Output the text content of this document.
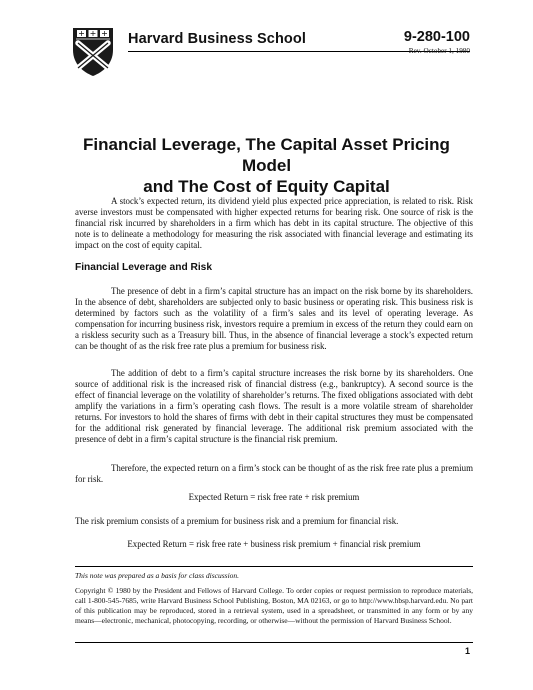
Harvard Business School	9-280-100
Rev. October 1, 1980
Financial Leverage, The Capital Asset Pricing Model
and The Cost of Equity Capital

A stock’s expected return, its dividend yield plus expected price appreciation, is related to risk. Risk averse investors must be compensated with higher expected returns for bearing risk. One source of risk is the financial risk incurred by shareholders in a firm which has debt in its capital structure. The objective of this note is to delineate a methodology for measuring the risk associated with financial leverage and estimating its impact on the cost of equity capital.

Financial Leverage and Risk

The presence of debt in a firm’s capital structure has an impact on the risk borne by its shareholders. In the absence of debt, shareholders are subjected only to basic business or operating risk. This business risk is determined by factors such as the volatility of a firm’s sales and its level of operating leverage. As compensation for incurring business risk, investors require a premium in excess of the return they could earn on a riskless security such as a Treasury bill. Thus, in the absence of financial leverage a stock’s expected return can be thought of as the risk free rate plus a premium for business risk.

The addition of debt to a firm’s capital structure increases the risk borne by its shareholders. One source of additional risk is the increased risk of financial distress (e.g., bankruptcy). A second source is the effect of financial leverage on the volatility of shareholder’s returns. The fixed obligations associated with debt amplify the variations in a firm’s operating cash flows. The result is a more volatile stream of shareholder returns. For investors to hold the shares of firms with debt in their capital structures they must be compensated for the additional risk generated by financial leverage. The additional risk premium associated with the presence of debt in a firm’s capital structure is the financial risk premium.

Therefore, the expected return on a firm’s stock can be thought of as the risk free rate plus a premium for risk.

Expected Return = risk free rate + risk premium

The risk premium consists of a premium for business risk and a premium for financial risk.

Expected Return = risk free rate + business risk premium + financial risk premium

This note was prepared as a basis for class discussion.

Copyright © 1980 by the President and Fellows of Harvard College. To order copies or request permission to reproduce materials, call 1-800-545-7685, write Harvard Business School Publishing, Boston, MA 02163, or go to http://www.hbsp.harvard.edu. No part of this publication may be reproduced, stored in a retrieval system, used in a spreadsheet, or transmitted in any form or by any means—electronic, mechanical, photocopying, recording, or otherwise—without the permission of Harvard Business School.

1
